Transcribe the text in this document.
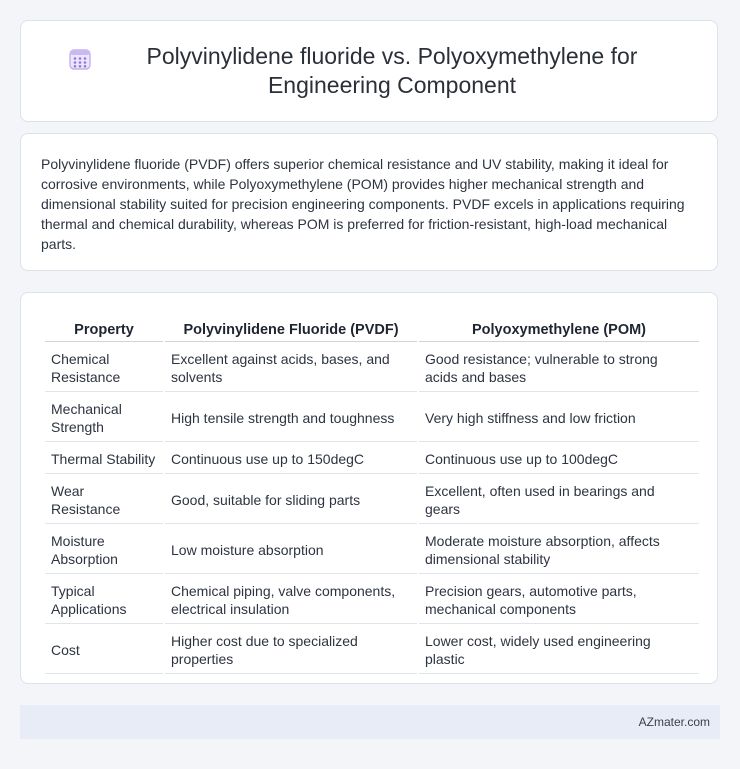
Polyvinylidene fluoride vs. Polyoxymethylene for Engineering Component

Polyvinylidene fluoride (PVDF) offers superior chemical resistance and UV stability, making it ideal for corrosive environments, while Polyoxymethylene (POM) provides higher mechanical strength and dimensional stability suited for precision engineering components. PVDF excels in applications requiring thermal and chemical durability, whereas POM is preferred for friction-resistant, high-load mechanical parts.

Property	Polyvinylidene Fluoride (PVDF)	Polyoxymethylene (POM)
Chemical Resistance	Excellent against acids, bases, and solvents	Good resistance; vulnerable to strong acids and bases
Mechanical Strength	High tensile strength and toughness	Very high stiffness and low friction
Thermal Stability	Continuous use up to 150degC	Continuous use up to 100degC
Wear Resistance	Good, suitable for sliding parts	Excellent, often used in bearings and gears
Moisture Absorption	Low moisture absorption	Moderate moisture absorption, affects dimensional stability
Typical Applications	Chemical piping, valve components, electrical insulation	Precision gears, automotive parts, mechanical components
Cost	Higher cost due to specialized properties	Lower cost, widely used engineering plastic
AZmater.com
